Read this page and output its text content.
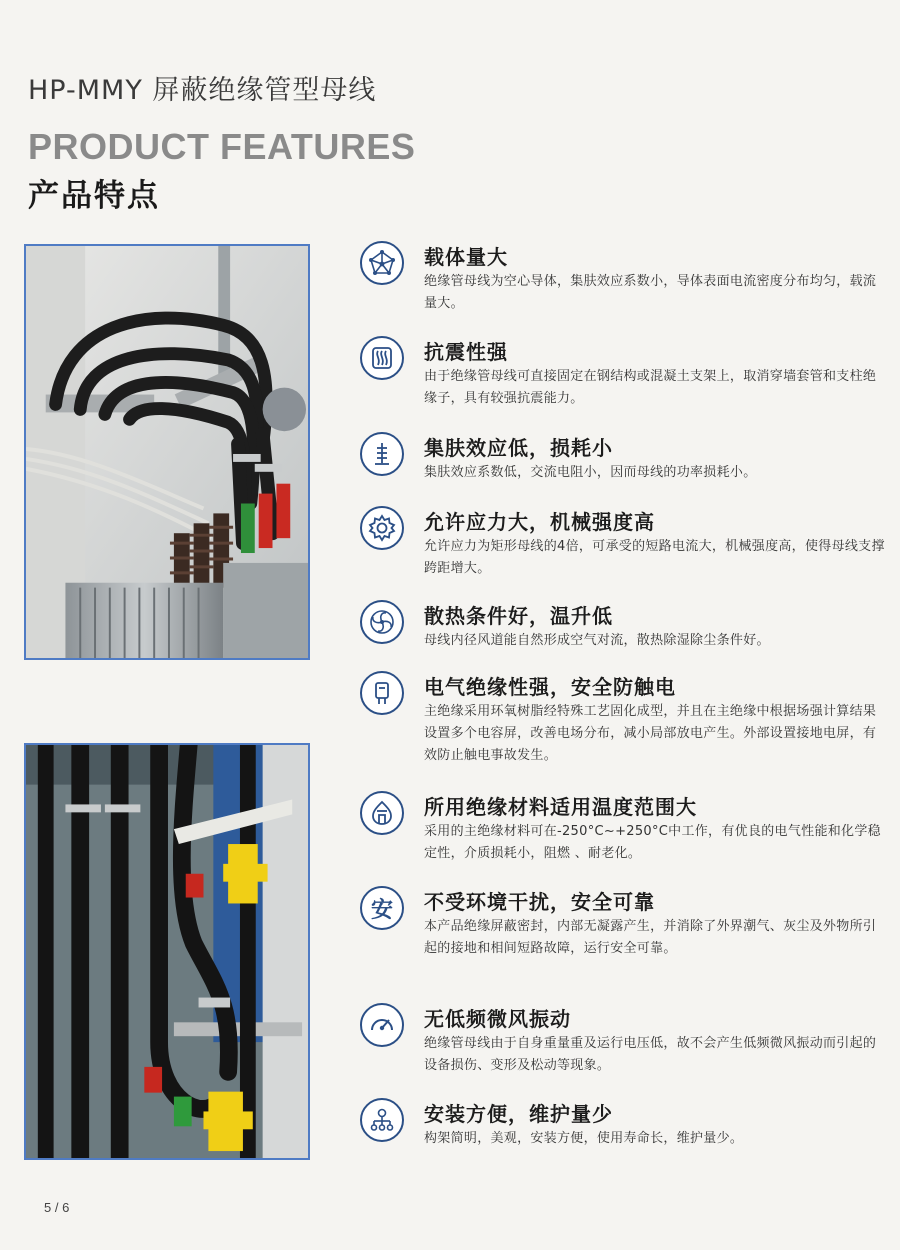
HP-MMY 屏蔽绝缘管型母线
PRODUCT FEATURES
产品特点
载体量大
绝缘管母线为空心导体，集肤效应系数小，导体表面电流密度分布均匀，载流量大。
抗震性强
由于绝缘管母线可直接固定在钢结构或混凝土支架上，取消穿墙套管和支柱绝缘子，具有较强抗震能力。
集肤效应低，损耗小
集肤效应系数低，交流电阻小，因而母线的功率损耗小。
允许应力大，机械强度高
允许应力为矩形母线的4倍，可承受的短路电流大，机械强度高，使得母线支撑跨距增大。
散热条件好，温升低
母线内径风道能自然形成空气对流，散热除湿除尘条件好。
电气绝缘性强，安全防触电
主绝缘采用环氧树脂经特殊工艺固化成型，并且在主绝缘中根据场强计算结果设置多个电容屏，改善电场分布，减小局部放电产生。外部设置接地电屏，有效防止触电事故发生。
所用绝缘材料适用温度范围大
采用的主绝缘材料可在-250°C~+250°C中工作，有优良的电气性能和化学稳定性，介质损耗小，阻燃 、耐老化。
安 不受环境干扰，安全可靠
本产品绝缘屏蔽密封，内部无凝露产生，并消除了外界潮气、灰尘及外物所引起的接地和相间短路故障，运行安全可靠。
无低频微风振动
绝缘管母线由于自身重量重及运行电压低，故不会产生低频微风振动而引起的设备损伤、变形及松动等现象。
安装方便，维护量少
构架简明，美观，安装方便，使用寿命长，维护量少。
5 / 6
